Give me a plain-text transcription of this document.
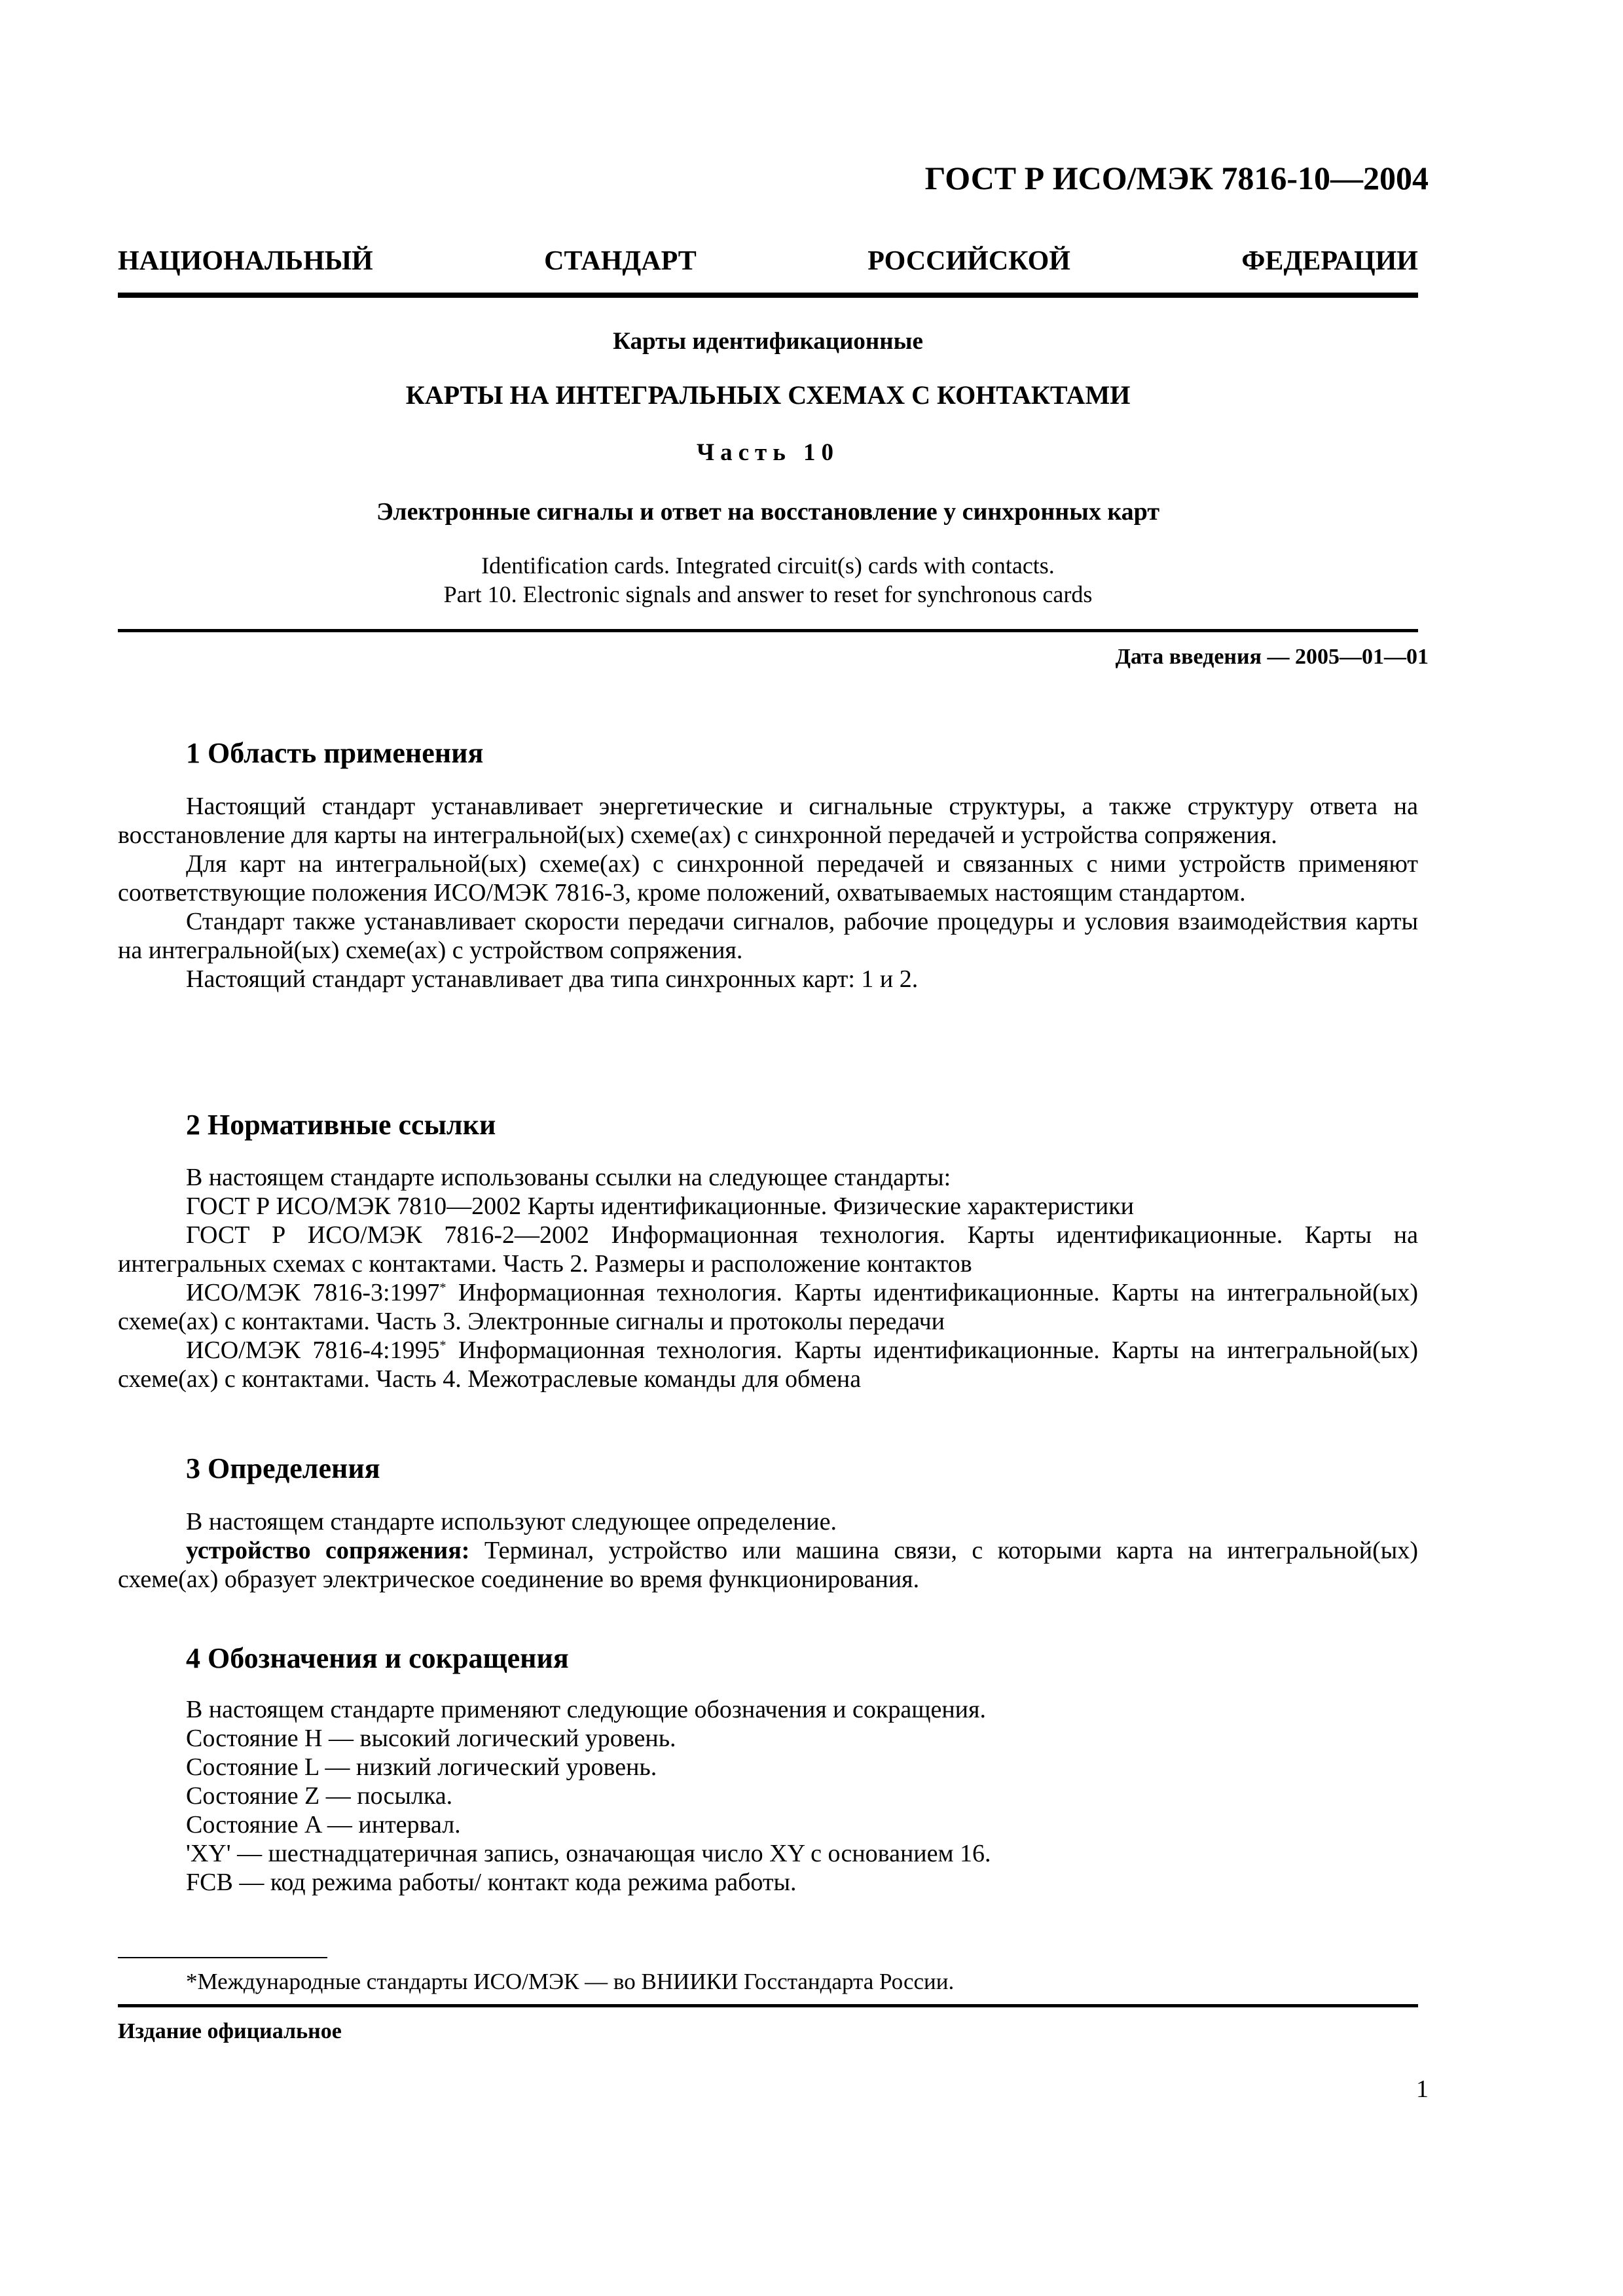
ГОСТ Р ИСО/МЭК 7816-10—2004
НАЦИОНАЛЬНЫЙ	СТАНДАРТ	РОССИЙСКОЙ	ФЕДЕРАЦИИ
Карты идентификационные
КАРТЫ НА ИНТЕГРАЛЬНЫХ СХЕМАХ С КОНТАКТАМИ
Часть 10
Электронные сигналы и ответ на восстановление у синхронных карт
Identification cards. Integrated circuit(s) cards with contacts.
Part 10. Electronic signals and answer to reset for synchronous cards
Дата введения — 2005—01—01
1 Область применения
Настоящий стандарт устанавливает энергетические и сигнальные структуры, а также структуру ответа на восстановление для карты на интегральной(ых) схеме(ах) с синхронной передачей и устройства сопряжения.
Для карт на интегральной(ых) схеме(ах) с синхронной передачей и связанных с ними устройств применяют соответствующие положения ИСО/МЭК 7816-3, кроме положений, охватываемых настоящим стандартом.
Стандарт также устанавливает скорости передачи сигналов, рабочие процедуры и условия взаимодействия карты на интегральной(ых) схеме(ах) с устройством сопряжения.
Настоящий стандарт устанавливает два типа синхронных карт: 1 и 2.
2 Нормативные ссылки
В настоящем стандарте использованы ссылки на следующее стандарты:
ГОСТ Р ИСО/МЭК 7810—2002 Карты идентификационные. Физические характеристики
ГОСТ Р ИСО/МЭК 7816-2—2002 Информационная технология. Карты идентификационные. Карты на интегральных схемах с контактами. Часть 2. Размеры и расположение контактов
ИСО/МЭК 7816-3:1997* Информационная технология. Карты идентификационные. Карты на интегральной(ых) схеме(ах) с контактами. Часть 3. Электронные сигналы и протоколы передачи
ИСО/МЭК 7816-4:1995* Информационная технология. Карты идентификационные. Карты на интегральной(ых) схеме(ах) с контактами. Часть 4. Межотраслевые команды для обмена
3 Определения
В настоящем стандарте используют следующее определение.
устройство сопряжения: Терминал, устройство или машина связи, с которыми карта на интегральной(ых) схеме(ах) образует электрическое соединение во время функционирования.
4 Обозначения и сокращения
В настоящем стандарте применяют следующие обозначения и сокращения.
Состояние H — высокий логический уровень.
Состояние L — низкий логический уровень.
Состояние Z — посылка.
Состояние A — интервал.
'XY' — шестнадцатеричная запись, означающая число XY с основанием 16.
FCB — код режима работы/ контакт кода режима работы.
*Международные стандарты ИСО/МЭК — во ВНИИКИ Госстандарта России.
Издание официальное
1
